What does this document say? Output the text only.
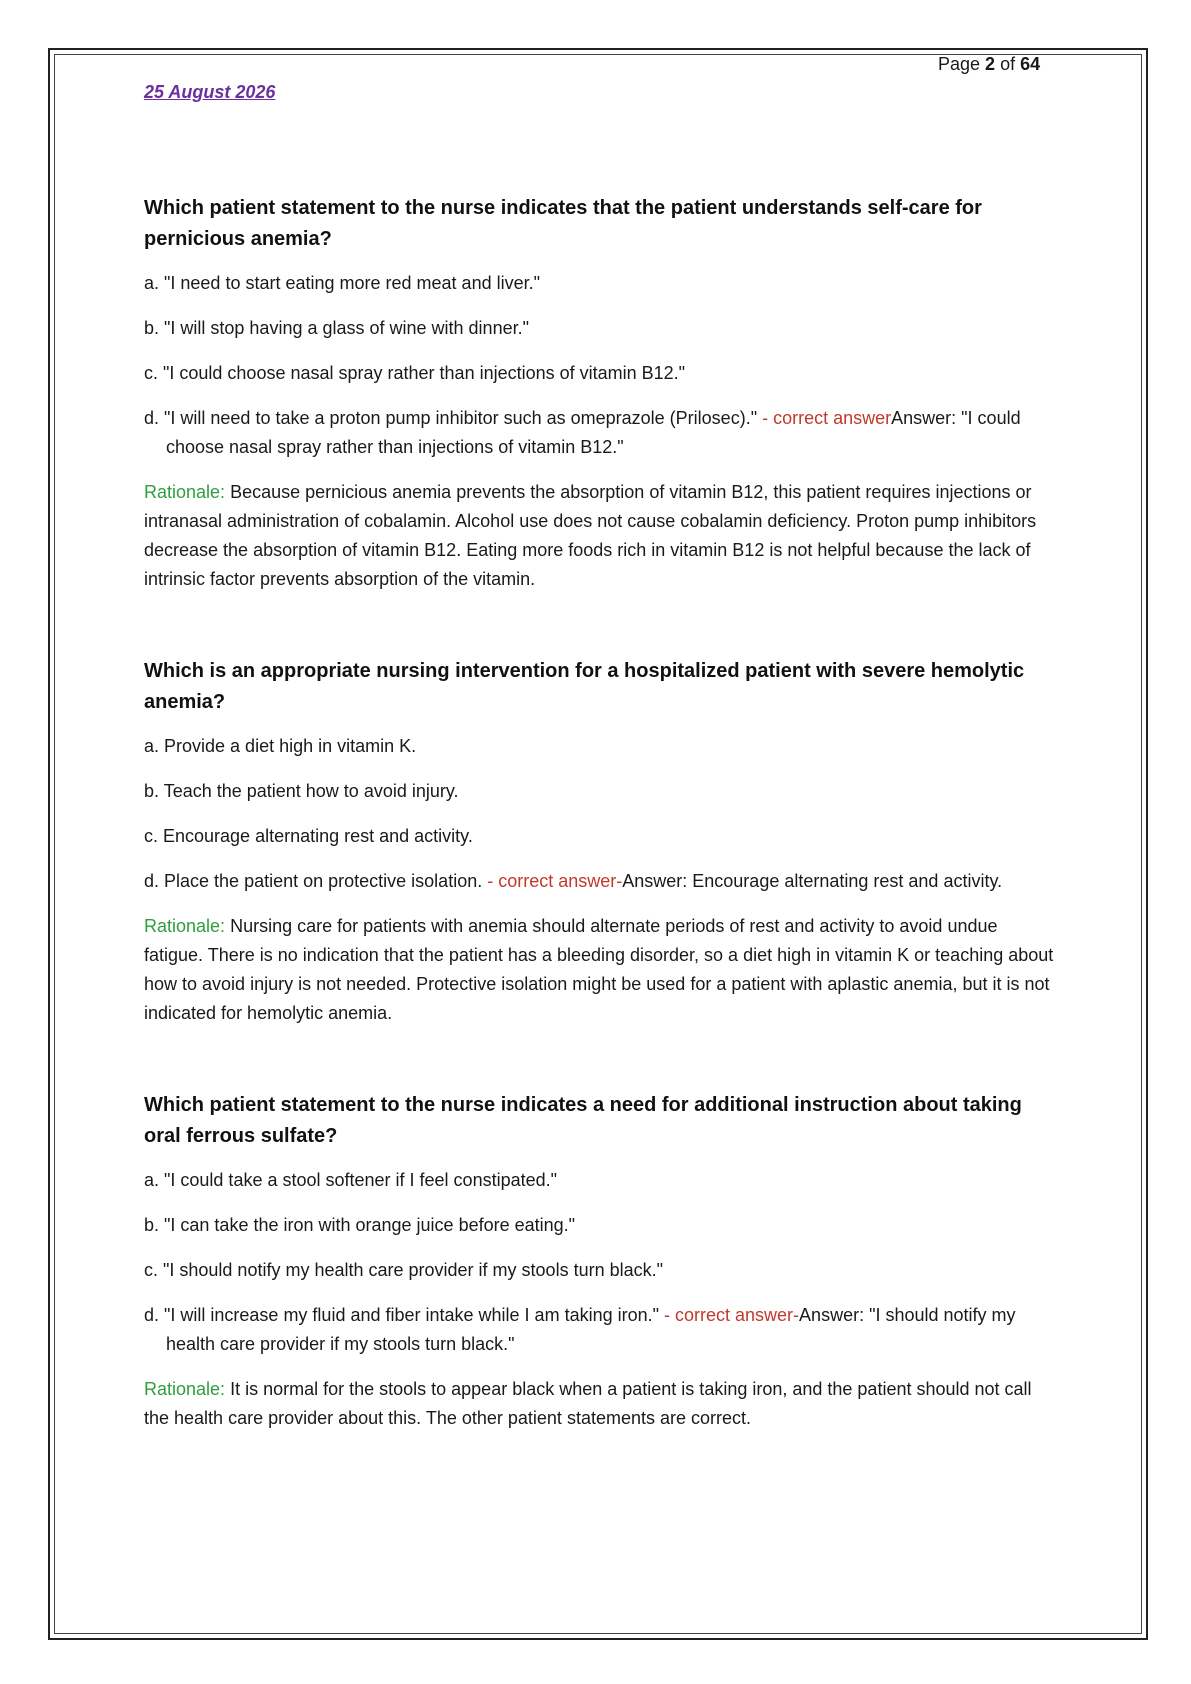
Page 2 of 64
25 August 2026

Which patient statement to the nurse indicates that the patient understands self-care for pernicious anemia?

a. "I need to start eating more red meat and liver."

b. "I will stop having a glass of wine with dinner."

c. "I could choose nasal spray rather than injections of vitamin B12."

d. "I will need to take a proton pump inhibitor such as omeprazole (Prilosec)." - correct answerAnswer: "I could choose nasal spray rather than injections of vitamin B12."

Rationale: Because pernicious anemia prevents the absorption of vitamin B12, this patient requires injections or intranasal administration of cobalamin. Alcohol use does not cause cobalamin deficiency. Proton pump inhibitors decrease the absorption of vitamin B12. Eating more foods rich in vitamin B12 is not helpful because the lack of intrinsic factor prevents absorption of the vitamin.

Which is an appropriate nursing intervention for a hospitalized patient with severe hemolytic anemia?

a. Provide a diet high in vitamin K.

b. Teach the patient how to avoid injury.

c. Encourage alternating rest and activity.

d. Place the patient on protective isolation. - correct answer-Answer: Encourage alternating rest and activity.

Rationale: Nursing care for patients with anemia should alternate periods of rest and activity to avoid undue fatigue. There is no indication that the patient has a bleeding disorder, so a diet high in vitamin K or teaching about how to avoid injury is not needed. Protective isolation might be used for a patient with aplastic anemia, but it is not indicated for hemolytic anemia.

Which patient statement to the nurse indicates a need for additional instruction about taking oral ferrous sulfate?

a. "I could take a stool softener if I feel constipated."

b. "I can take the iron with orange juice before eating."

c. "I should notify my health care provider if my stools turn black."

d. "I will increase my fluid and fiber intake while I am taking iron." - correct answer-Answer: "I should notify my health care provider if my stools turn black."

Rationale: It is normal for the stools to appear black when a patient is taking iron, and the patient should not call the health care provider about this. The other patient statements are correct.
